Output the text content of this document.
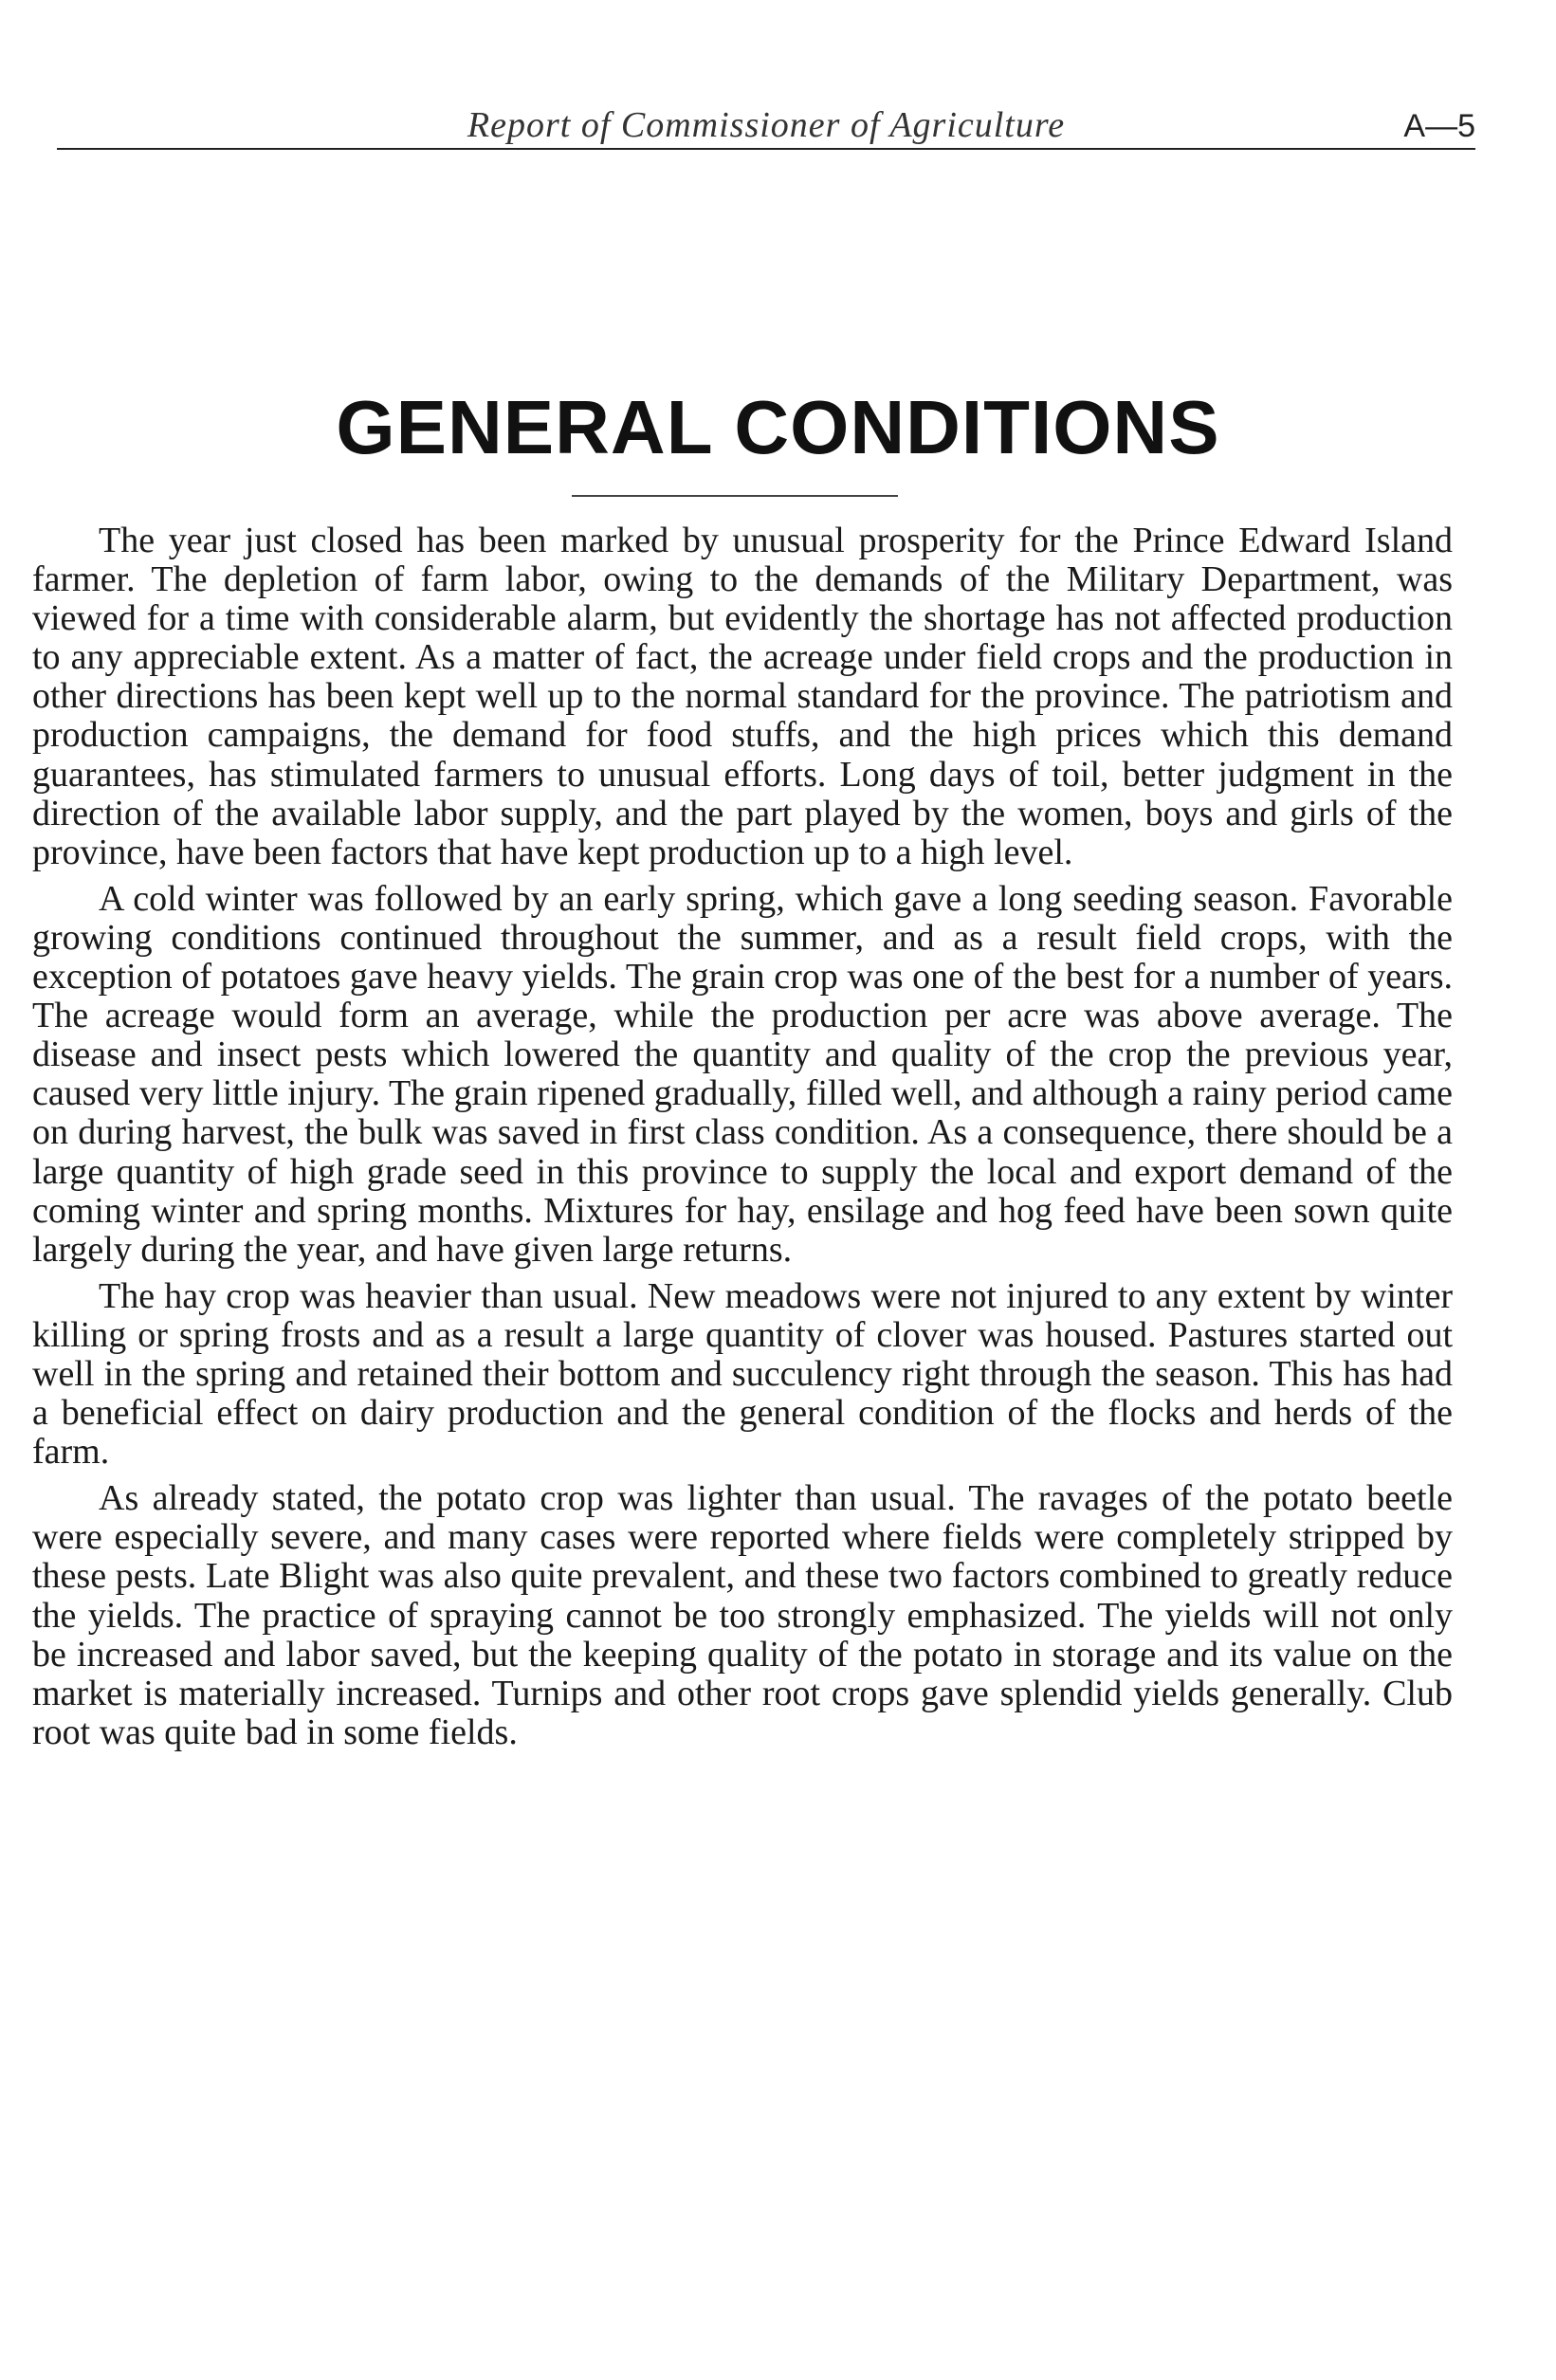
Report of Commissioner of Agriculture	A—5
GENERAL CONDITIONS

The year just closed has been marked by unusual prosperity for the Prince Edward Island farmer. The depletion of farm labor, owing to the demands of the Military Department, was viewed for a time with considerable alarm, but evidently the shortage has not affected production to any appreciable extent. As a matter of fact, the acreage under field crops and the production in other directions has been kept well up to the normal standard for the province. The patriotism and production campaigns, the demand for food stuffs, and the high prices which this demand guarantees, has stimulated farmers to unusual efforts. Long days of toil, better judgment in the direction of the available labor supply, and the part played by the women, boys and girls of the province, have been factors that have kept production up to a high level.

A cold winter was followed by an early spring, which gave a long seeding season. Favorable growing conditions continued throughout the summer, and as a result field crops, with the exception of potatoes gave heavy yields. The grain crop was one of the best for a number of years. The acreage would form an average, while the production per acre was above average. The disease and insect pests which lowered the quantity and quality of the crop the previous year, caused very little injury. The grain ripened gradually, filled well, and although a rainy period came on during harvest, the bulk was saved in first class condition. As a consequence, there should be a large quantity of high grade seed in this province to supply the local and export demand of the coming winter and spring months. Mixtures for hay, ensilage and hog feed have been sown quite largely during the year, and have given large returns.

The hay crop was heavier than usual. New meadows were not injured to any extent by winter killing or spring frosts and as a result a large quantity of clover was housed. Pastures started out well in the spring and retained their bottom and succulency right through the season. This has had a beneficial effect on dairy production and the general condition of the flocks and herds of the farm.

As already stated, the potato crop was lighter than usual. The ravages of the potato beetle were especially severe, and many cases were reported where fields were completely stripped by these pests. Late Blight was also quite prevalent, and these two factors combined to greatly reduce the yields. The practice of spraying cannot be too strongly emphasized. The yields will not only be increased and labor saved, but the keeping quality of the potato in storage and its value on the market is materially increased. Turnips and other root crops gave splendid yields generally. Club root was quite bad in some fields.
